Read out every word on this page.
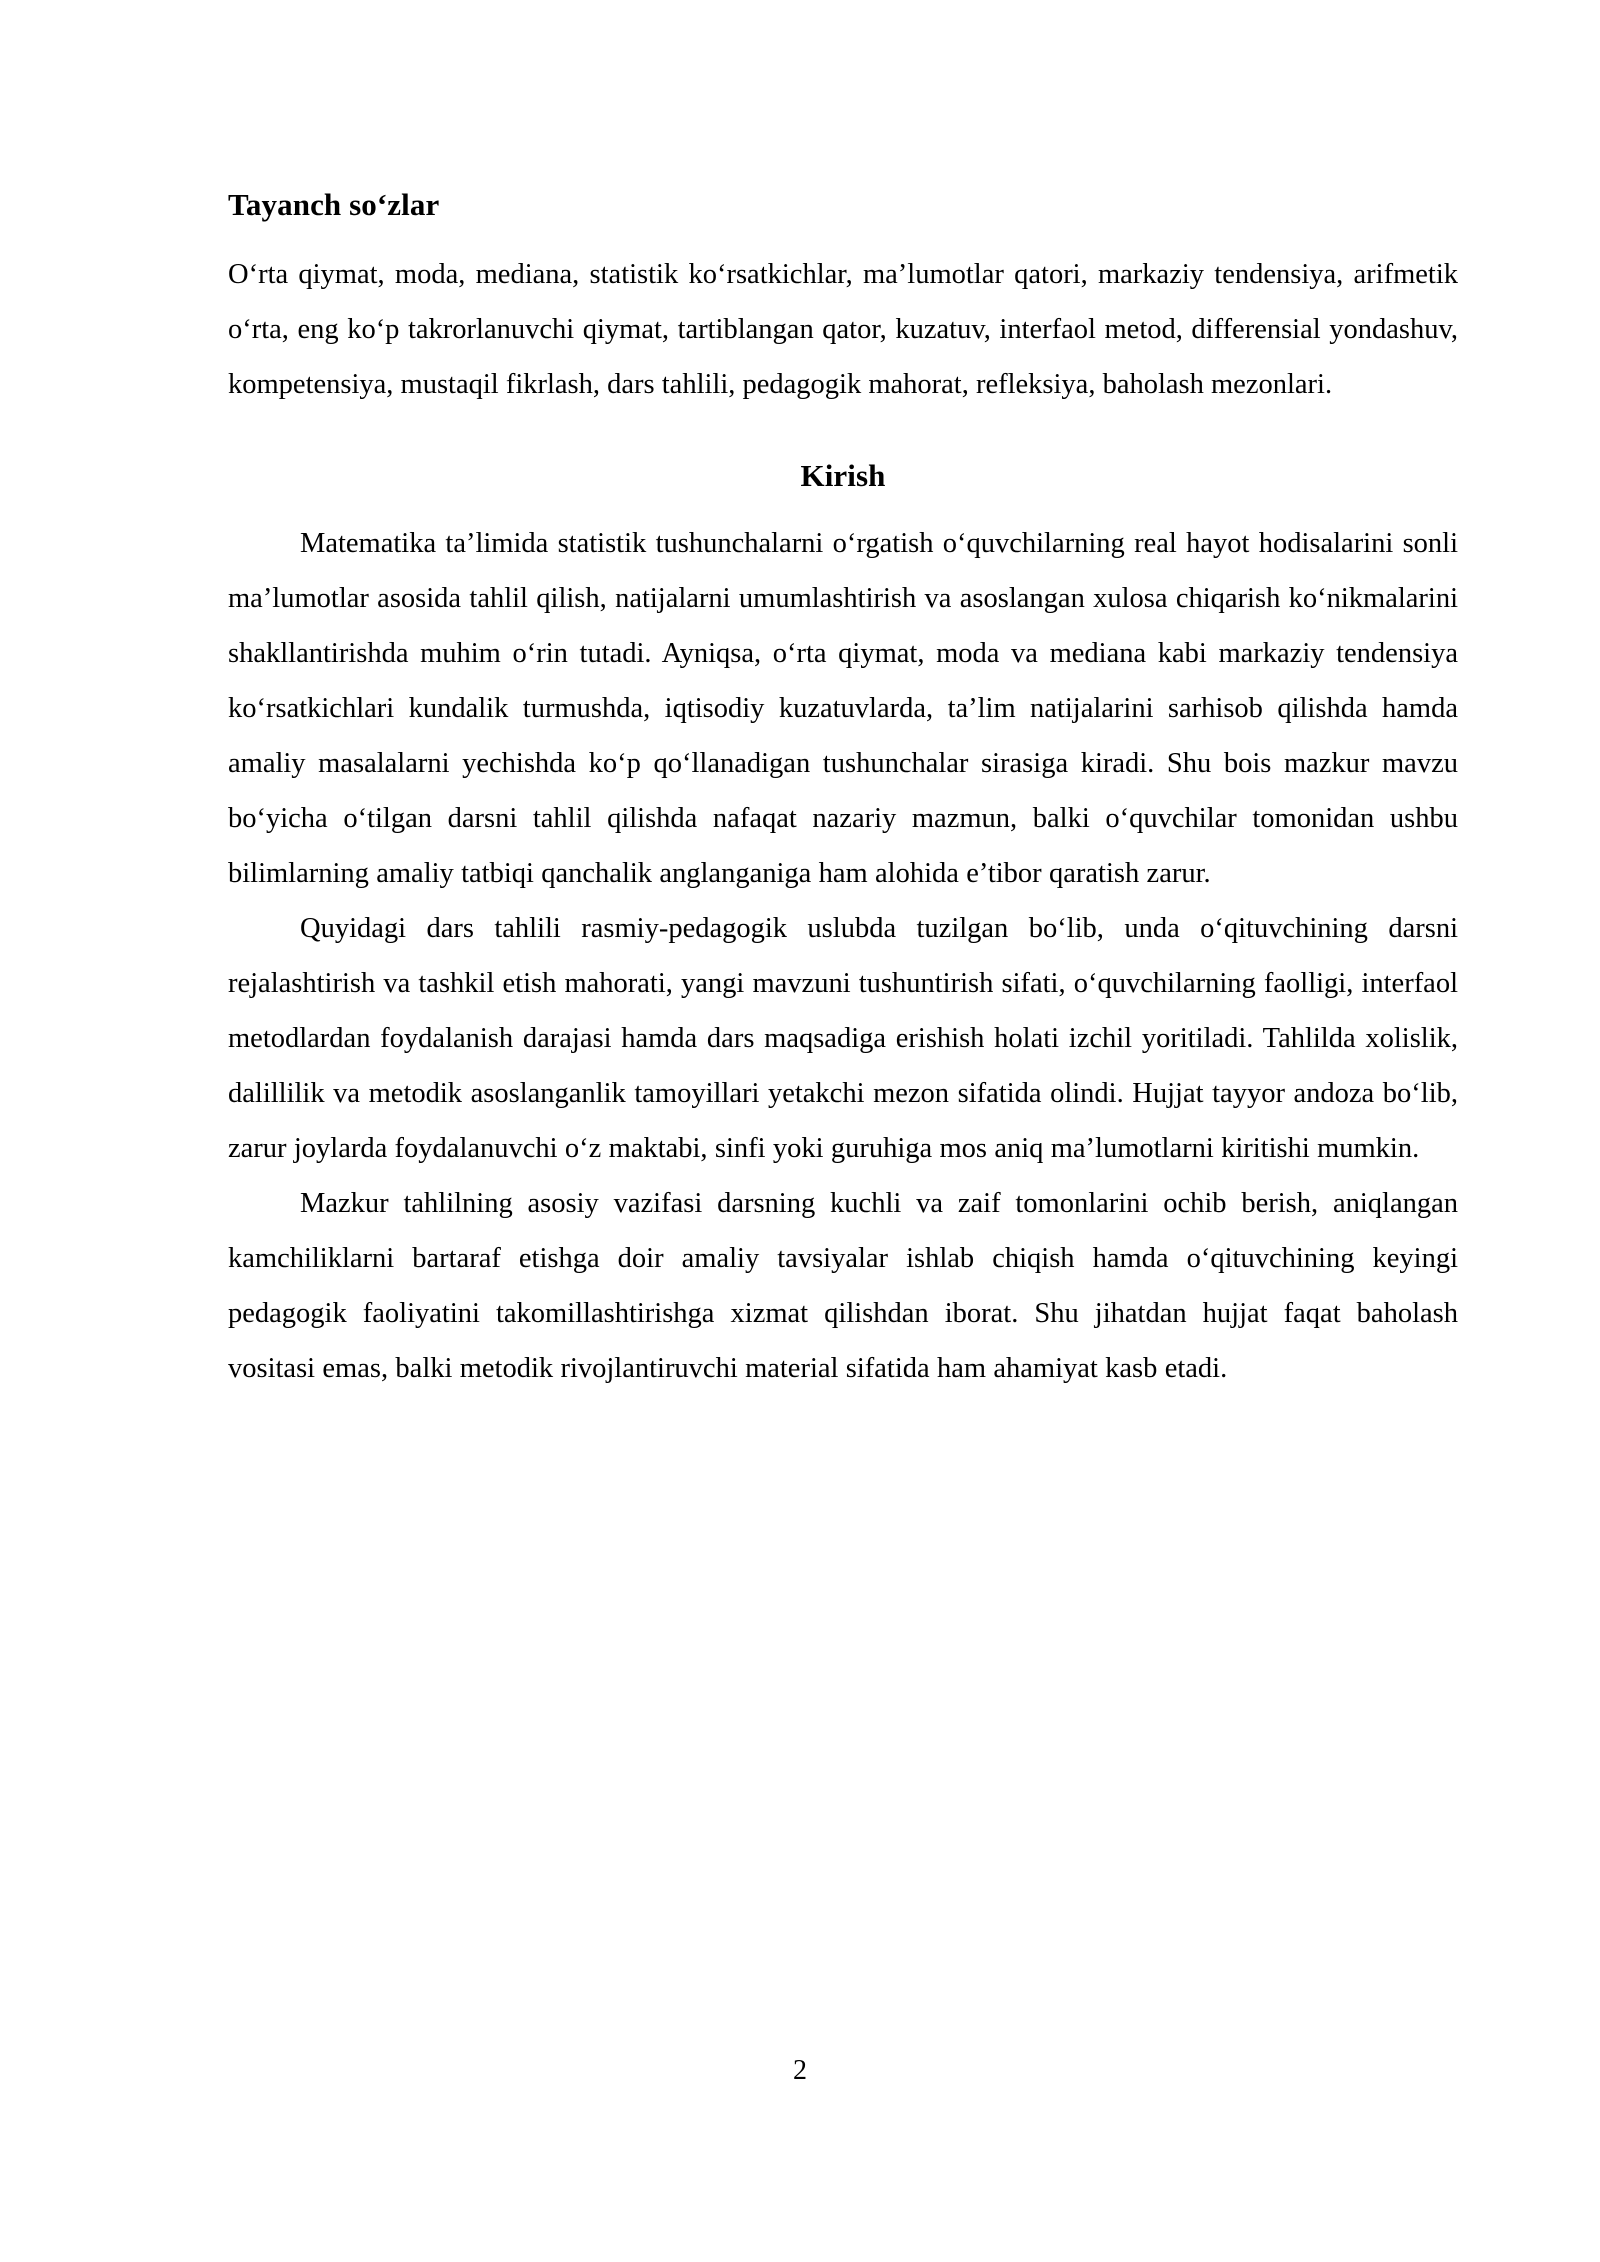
Tayanch so‘zlar

O‘rta qiymat, moda, mediana, statistik ko‘rsatkichlar, ma’lumotlar qatori, markaziy tendensiya, arifmetik o‘rta, eng ko‘p takrorlanuvchi qiymat, tartiblangan qator, kuzatuv, interfaol metod, differensial yondashuv, kompetensiya, mustaqil fikrlash, dars tahlili, pedagogik mahorat, refleksiya, baholash mezonlari.

Kirish

Matematika ta’limida statistik tushunchalarni o‘rgatish o‘quvchilarning real hayot hodisalarini sonli ma’lumotlar asosida tahlil qilish, natijalarni umumlashtirish va asoslangan xulosa chiqarish ko‘nikmalarini shakllantirishda muhim o‘rin tutadi. Ayniqsa, o‘rta qiymat, moda va mediana kabi markaziy tendensiya ko‘rsatkichlari kundalik turmushda, iqtisodiy kuzatuvlarda, ta’lim natijalarini sarhisob qilishda hamda amaliy masalalarni yechishda ko‘p qo‘llanadigan tushunchalar sirasiga kiradi. Shu bois mazkur mavzu bo‘yicha o‘tilgan darsni tahlil qilishda nafaqat nazariy mazmun, balki o‘quvchilar tomonidan ushbu bilimlarning amaliy tatbiqi qanchalik anglanganiga ham alohida e’tibor qaratish zarur.

Quyidagi dars tahlili rasmiy-pedagogik uslubda tuzilgan bo‘lib, unda o‘qituvchining darsni rejalashtirish va tashkil etish mahorati, yangi mavzuni tushuntirish sifati, o‘quvchilarning faolligi, interfaol metodlardan foydalanish darajasi hamda dars maqsadiga erishish holati izchil yoritiladi. Tahlilda xolislik, dalillilik va metodik asoslanganlik tamoyillari yetakchi mezon sifatida olindi. Hujjat tayyor andoza bo‘lib, zarur joylarda foydalanuvchi o‘z maktabi, sinfi yoki guruhiga mos aniq ma’lumotlarni kiritishi mumkin.

Mazkur tahlilning asosiy vazifasi darsning kuchli va zaif tomonlarini ochib berish, aniqlangan kamchiliklarni bartaraf etishga doir amaliy tavsiyalar ishlab chiqish hamda o‘qituvchining keyingi pedagogik faoliyatini takomillashtirishga xizmat qilishdan iborat. Shu jihatdan hujjat faqat baholash vositasi emas, balki metodik rivojlantiruvchi material sifatida ham ahamiyat kasb etadi.

2
